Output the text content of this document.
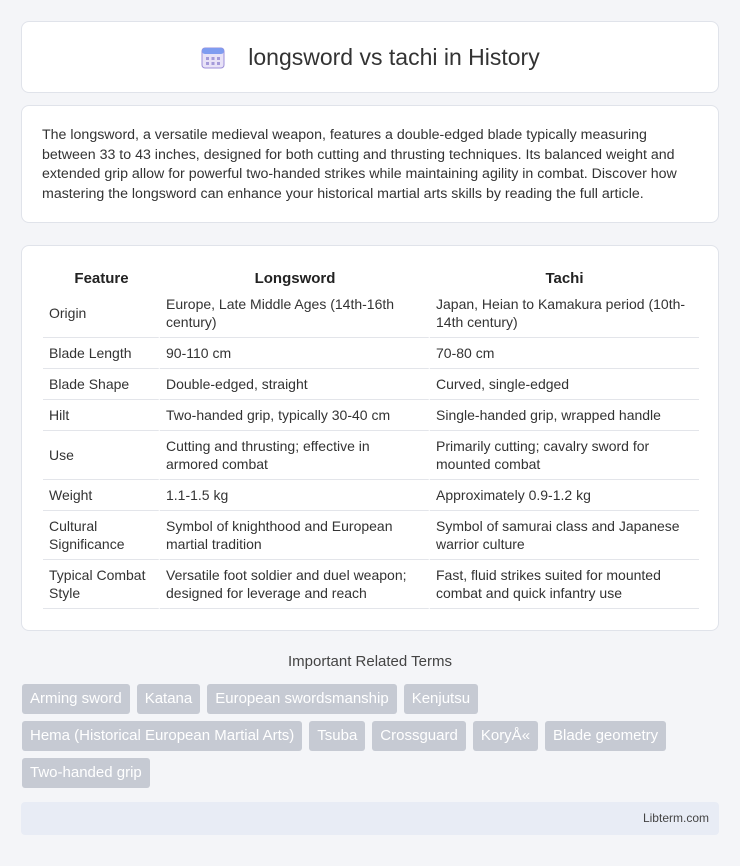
longsword vs tachi in History

The longsword, a versatile medieval weapon, features a double-edged blade typically measuring between 33 to 43 inches, designed for both cutting and thrusting techniques. Its balanced weight and extended grip allow for powerful two-handed strikes while maintaining agility in combat. Discover how mastering the longsword can enhance your historical martial arts skills by reading the full article.

Feature	Longsword	Tachi
Origin	Europe, Late Middle Ages (14th-16th century)	Japan, Heian to Kamakura period (10th-14th century)
Blade Length	90-110 cm	70-80 cm
Blade Shape	Double-edged, straight	Curved, single-edged
Hilt	Two-handed grip, typically 30-40 cm	Single-handed grip, wrapped handle
Use	Cutting and thrusting; effective in armored combat	Primarily cutting; cavalry sword for mounted combat
Weight	1.1-1.5 kg	Approximately 0.9-1.2 kg
Cultural Significance	Symbol of knighthood and European martial tradition	Symbol of samurai class and Japanese warrior culture
Typical Combat Style	Versatile foot soldier and duel weapon; designed for leverage and reach	Fast, fluid strikes suited for mounted combat and quick infantry use
Important Related Terms
Arming sword	Katana	European swordsmanship	Kenjutsu
Hema (Historical European Martial Arts)	Tsuba	Crossguard	KoryÅ«	Blade geometry
Two-handed grip
Libterm.com
